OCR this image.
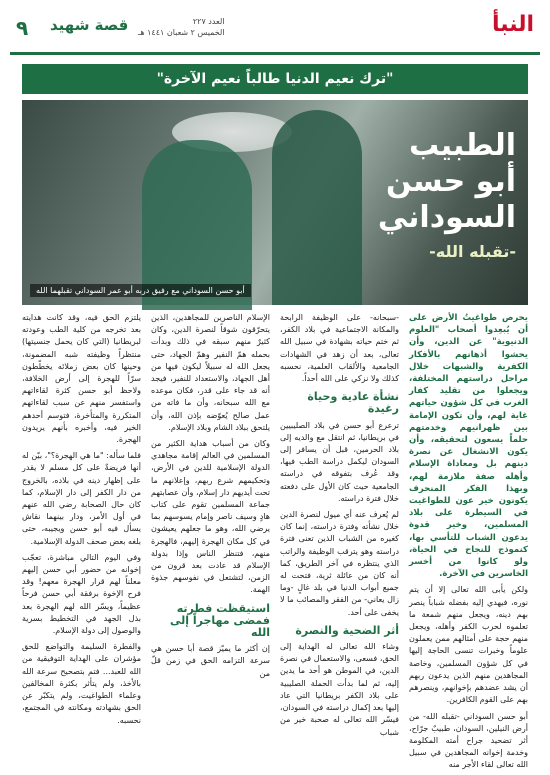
٩ قصة شهيد	العدد ٢٢٧
الخميس ٢ شعبان ١٤٤١ هـ	النبأ
"ترك نعيم الدنيا طالباً نعيم الآخرة"
الطبيب
أبو حسن
السوداني
-تقبله الله-
أبو حسن السوداني مع رفيق دربه أبو عمر السوداني تقبلهما الله

يحرص طواغيتُ الأرض على أن يُبعِدوا أصحاب "العلوم الدنيوية" عن الدين، وأن يحشوا أذهانهم بالأفكار الكفرية والشبهات خلال مراحل دراستهم المختلفة، ويجعلوا من تقليد كفار الغرب في كل شؤون حياتهم غاية لهم، وأن تكون الإمامة بين ظهرانيهم وخدمتهم حلماً يسعون لتحقيقه، وأن يكون الانشغال عن نصرة دينهم بل ومعاداة الإسلام وأهله صفة ملازمة لهم، وبهذا الفكر المنحرف يكونون خير عون للطواغيت في السيطرة على بلاد المسلمين، وخير قدوة يدعون الشباب للتأسي بها، كنموذج للنجاح في الحياة، ولو كانوا من أخسر الخاسرين في الآخرة.

ولكن يأبى الله تعالى إلا أن يتم نوره، فيهدي إليه بفضله شباباً ينصر بهم دينه، ويجعل منهم شمعة ما تعلموه لحرب الكفر وأهله، ويجعل منهم حجة على أمثالهم ممن يعملون علوماً وخبرات تنسى الحاجة إليها في كل شؤون المسلمين، وخاصة المجاهدين منهم الذين يدعون ربهم أن يشد عضدهم بإخوانهم، وينصرهم بهم على القوم الكافرين.

أبو حسن السوداني -تقبله الله- من أرض النيلين، السودان، طبيبٌ جرّاح، أثر تضحيد جراح أمته المكلومة وخدمة إخوانه المجاهدين في سبيل الله تعالى لقاء الأجر منه

-سبحانه- على الوظيفة الرابحة والمكانة الاجتماعية في بلاد الكفر، ثم ختم حياته بشهادة في سبيل الله تعالى، بعد أن زهد في الشهادات الجامعية والألقاب العلمية، نحسبه كذلك ولا نزكي على الله أحداً.

نشأة عادية وحياة رغيدة

ترعرع أبو حسن في بلاد الصليبيين في بريطانيا، ثم انتقل مع والديه إلى بلاد الحرمين، قبل أن يسافر إلى السودان ليكمل دراسة الطب فيها، وقد عُرف بتفوقه في دراسته الجامعية حيث كان الأول على دفعته خلال فترة دراسته.

لم يُعرف عنه أي ميول لنصرة الدين خلال نشأته وفترة دراسته، إنما كان كغيره من الشباب الذين تعنى فترة دراسته وهو يترقب الوظيفة والراتب الذي ينتظره في آخر الطريق، كما أنه كان من عائلة ثرية، فتحت له جميع أبواب الدنيا في بلد غالٍ -وما زال يعاني- من الفقر والمصائب ما لا يخفى على أحد.

أثر الضحية والنصرة

وشاء الله تعالى له الهداية إلى الحق، فسعى، والاستعمال في نصرة الدين، في الموطن هو أحد ما يدين إليه، ثم لما بدأت الحملة الصليبية على بلاد الكفر بريطانيا التي عاد إليها بعد إكمال دراسته في السودان، فيسّر الله تعالى له صحبة خير من شباب

الإسلام الناصرين للمجاهدين، الذين يتحرّقون شوقاً لنصرة الدين، وكان كثيرٌ منهم سبقه في ذلك وبدأت بحمله همّ النفير وهمّ الجهاد، حتى يجعل الله له سبيلاً ليكون فيها من أهل الجهاد، والاستعداد للنفير، فيجد أنه قد جاء على قدر، فكان موعده مع الله سبحانه، وأن ما فاته من عمل صالح يُعوّضه بإذن الله، وأن يلتحق ببلاد الشام وبلاد الإسلام.

وكان من أسباب هداية الكثير من المسلمين في العالم إقامة مجاهدي الدولة الإسلامية للدين في الأرض، وتحكيمهم شرع ربهم، وإعلانهم ما تحت أيديهم دار إسلام، وأن عصابتهم جماعة المسلمين تقوم على كتاب هادٍ وسيف ناصر وإمام يسوسهم بما يرضي الله، وهو ما جعلهم يعيشون في كل مكان الهجرة إليهم، فالهجرة منهم، فتنظر الناس وإذا بدولة الإسلام قد عادت بعد قرون من الزمن، لتشتعل في نفوسهم جذوة الهمة.

استيقظت فطرته فمضى مهاجراً إلى الله

إن أكثر ما يميّز قصة أبا حسن هي سرعة التزامه الحق في زمن قلّ من

يلتزم الحق فيه، وقد كانت هدايته بعد تخرجه من كلية الطب وعودته لبريطانيا (التي كان يحمل جنسيتها) منتظراً وظيفته شبه المضمونة، وحينها كان بعض زملائه يخطّطون سرّاً للهجرة إلى أرض الخلافة، ولاحظ أبو حسن كثرة لقاءاتهم واستفسر منهم عن سبب لقاءاتهم المتكررة والمتأخرة، فتوسم أحدهم الخير فيه، وأخبره بأنهم يريدون الهجرة.

فلما سأله: "ما هي الهجرة؟"، بيّن له أنها فريضةٌ على كل مسلم لا يقدر على إظهار دينه في بلاده، بالخروج من دار الكفر إلى دار الإسلام، كما كان حال الصحابة رضي الله عنهم في أول الأمر، ودار بينهما نقاش يسأل فيه أبو حسن ويجيبه، حتى بلغه بعض صحف الدولة الإسلامية.

وفي اليوم التالي مباشرة، تعجّب إخوانه من حضور أبي حسن إليهم معلناً لهم قرار الهجرة معهم! وقد فرح الإخوة برفقة أبي حسن فرحاً عظيماً، ويسّر الله لهم الهجرة بعد بذل الجهد في التخطيط بسرية والوصول إلى دولة الإسلام.

والفطرة السليمة والتواضع للحق مؤشران على الهداية التوفيقية من الله للعبد... فتم بتصحيح سرعة الله بالأخذ، ولم يتأثر بكثرة المخالفين وعلماء الطواغيت، ولم يتكبّر عن الحق بشهادته ومكانته في المجتمع، نحسبه.
